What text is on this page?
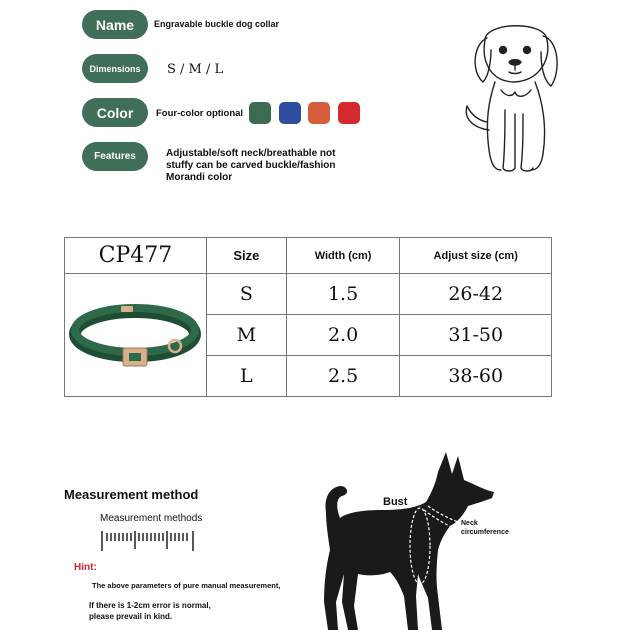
Name	Engravable buckle dog collar
Dimensions	S / M / L
Color	Four-color optional
Features	Adjustable/soft neck/breathable not
stuffy can be carved buckle/fashion
Morandi color
CP477	Size	Width (cm)	Adjust size (cm)
	S	1.5	26-42
	M	2.0	31-50
	L	2.5	38-60
Measurement method
Measurement methods
Hint:
The above parameters of pure manual measurement,
If there is 1-2cm error is normal,
please prevail in kind.
Bust
Neck
circumference
